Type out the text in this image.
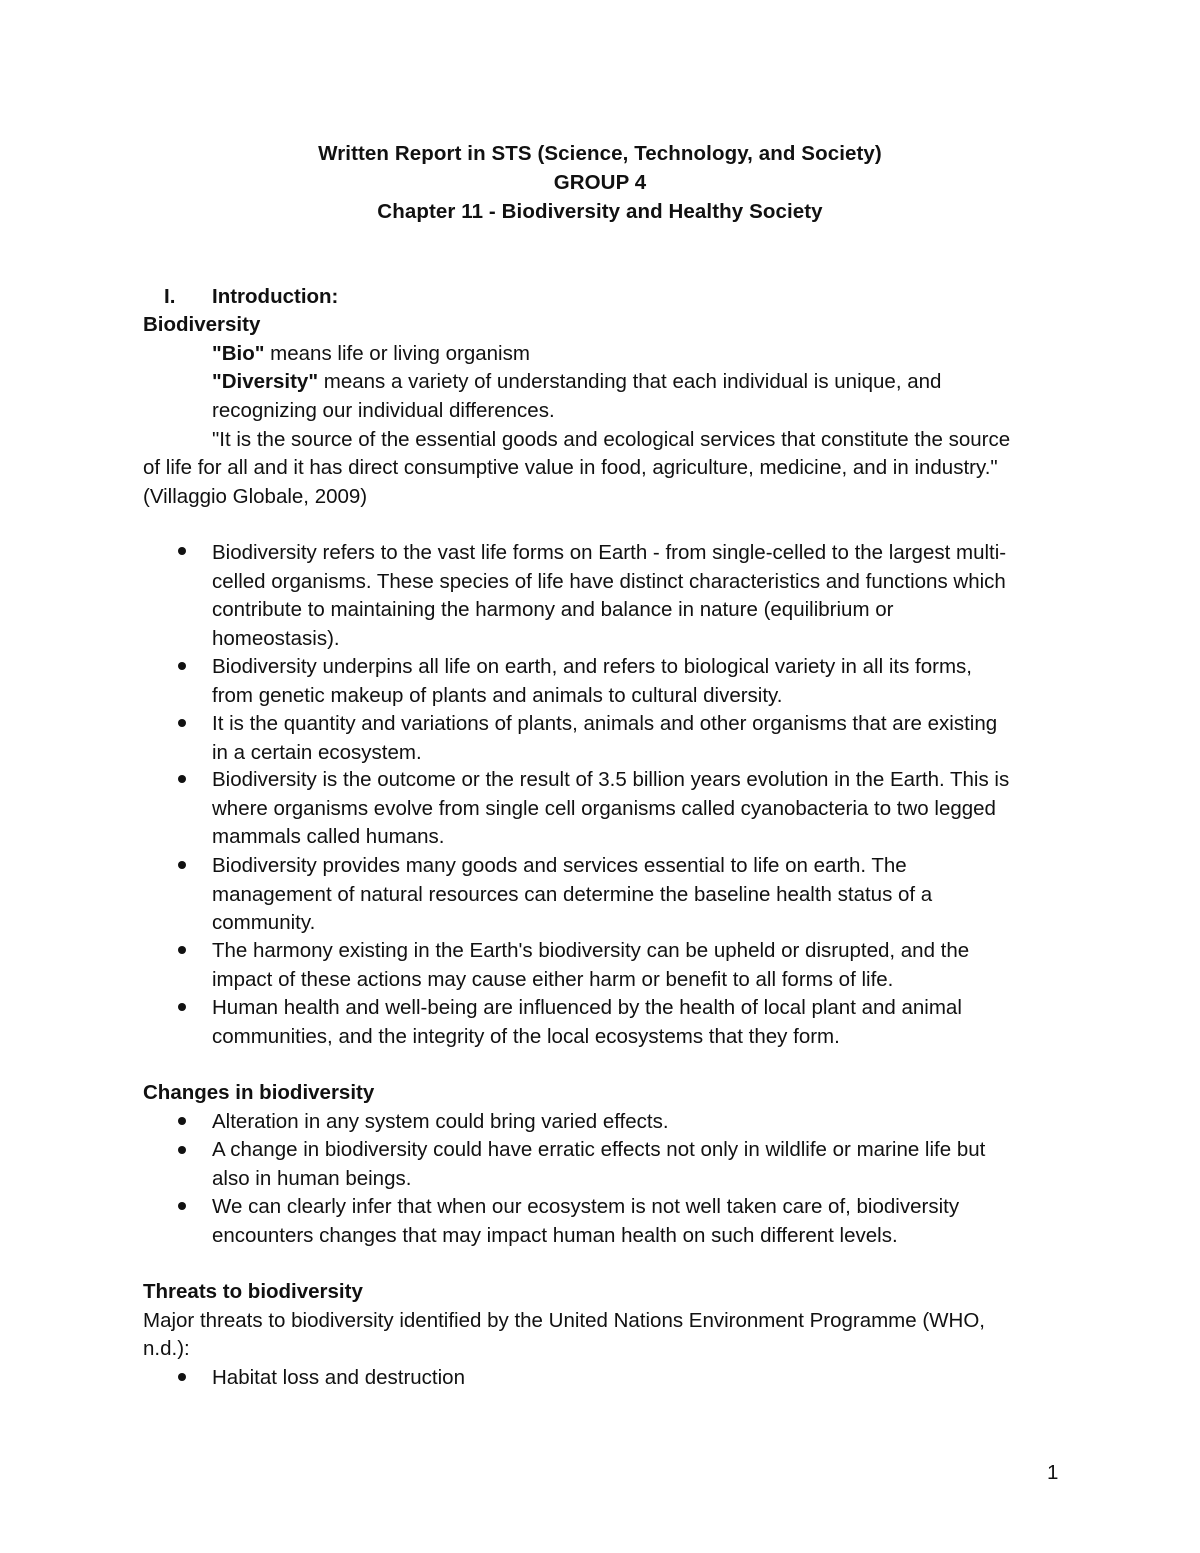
Written Report in STS (Science, Technology, and Society)
GROUP 4
Chapter 11 - Biodiversity and Healthy Society
I. Introduction:
Biodiversity
"Bio" means life or living organism
"Diversity" means a variety of understanding that each individual is unique, and
recognizing our individual differences.
"It is the source of the essential goods and ecological services that constitute the source
of life for all and it has direct consumptive value in food, agriculture, medicine, and in industry."
(Villaggio Globale, 2009)
Biodiversity refers to the vast life forms on Earth - from single-celled to the largest multi-
celled organisms. These species of life have distinct characteristics and functions which
contribute to maintaining the harmony and balance in nature (equilibrium or
homeostasis).
Biodiversity underpins all life on earth, and refers to biological variety in all its forms,
from genetic makeup of plants and animals to cultural diversity.
It is the quantity and variations of plants, animals and other organisms that are existing
in a certain ecosystem.
Biodiversity is the outcome or the result of 3.5 billion years evolution in the Earth. This is
where organisms evolve from single cell organisms called cyanobacteria to two legged
mammals called humans.
Biodiversity provides many goods and services essential to life on earth. The
management of natural resources can determine the baseline health status of a
community.
The harmony existing in the Earth's biodiversity can be upheld or disrupted, and the
impact of these actions may cause either harm or benefit to all forms of life.
Human health and well-being are influenced by the health of local plant and animal
communities, and the integrity of the local ecosystems that they form.
Changes in biodiversity
Alteration in any system could bring varied effects.
A change in biodiversity could have erratic effects not only in wildlife or marine life but
also in human beings.
We can clearly infer that when our ecosystem is not well taken care of, biodiversity
encounters changes that may impact human health on such different levels.
Threats to biodiversity
Major threats to biodiversity identified by the United Nations Environment Programme (WHO,
n.d.):
Habitat loss and destruction
1
